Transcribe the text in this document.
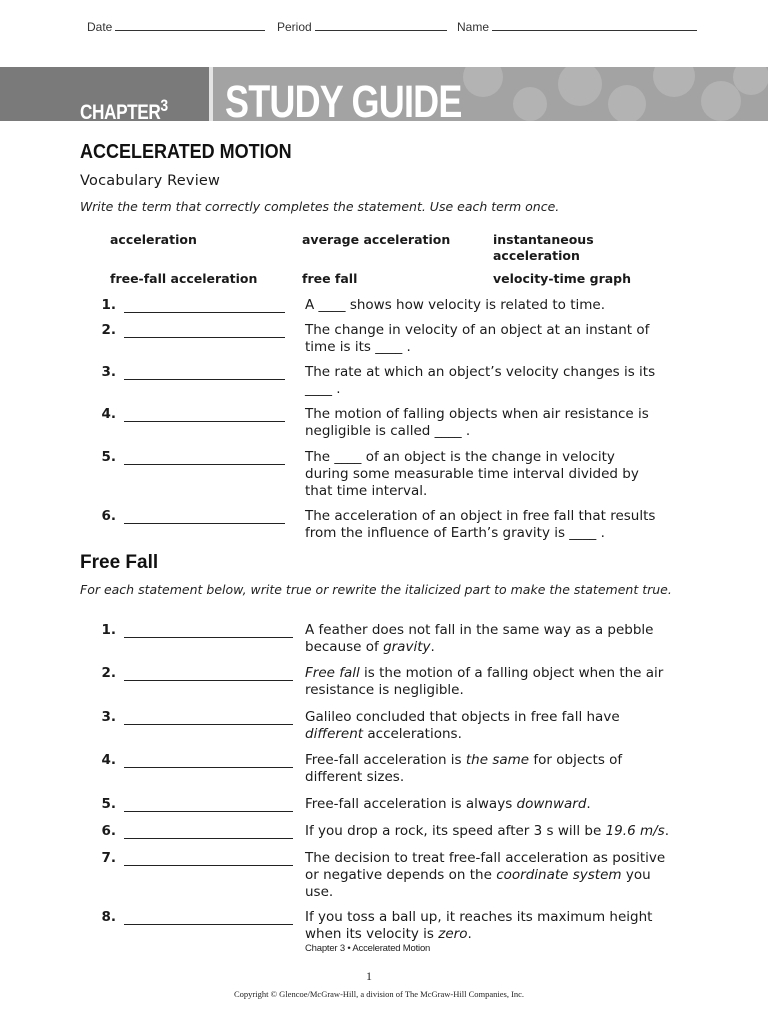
Date	Period	Name
CHAPTER$^3$ STUDY GUIDE
ACCELERATED MOTION
Vocabulary Review
Write the term that correctly completes the statement. Use each term once.
acceleration	average acceleration	instantaneous acceleration
free-fall acceleration	free fall	velocity-time graph
1.	A ____ shows how velocity is related to time.
2.	The change in velocity of an object at an instant of time is its ____ .
3.	The rate at which an object’s velocity changes is its ____ .
4.	The motion of falling objects when air resistance is negligible is called ____ .
5.	The ____ of an object is the change in velocity during some measurable time interval divided by that time interval.
6.	The acceleration of an object in free fall that results from the influence of Earth’s gravity is ____ .
Free Fall
For each statement below, write true or rewrite the italicized part to make the statement true.
1.	A feather does not fall in the same way as a pebble because of gravity.
2.	Free fall is the motion of a falling object when the air resistance is negligible.
3.	Galileo concluded that objects in free fall have different accelerations.
4.	Free-fall acceleration is the same for objects of different sizes.
5.	Free-fall acceleration is always downward.
6.	If you drop a rock, its speed after 3 s will be 19.6 m/s.
7.	The decision to treat free-fall acceleration as positive or negative depends on the coordinate system you use.
8.	If you toss a ball up, it reaches its maximum height when its velocity is zero.
Chapter 3 • Accelerated Motion
1
Copyright © Glencoe/McGraw-Hill, a division of The McGraw-Hill Companies, Inc.
